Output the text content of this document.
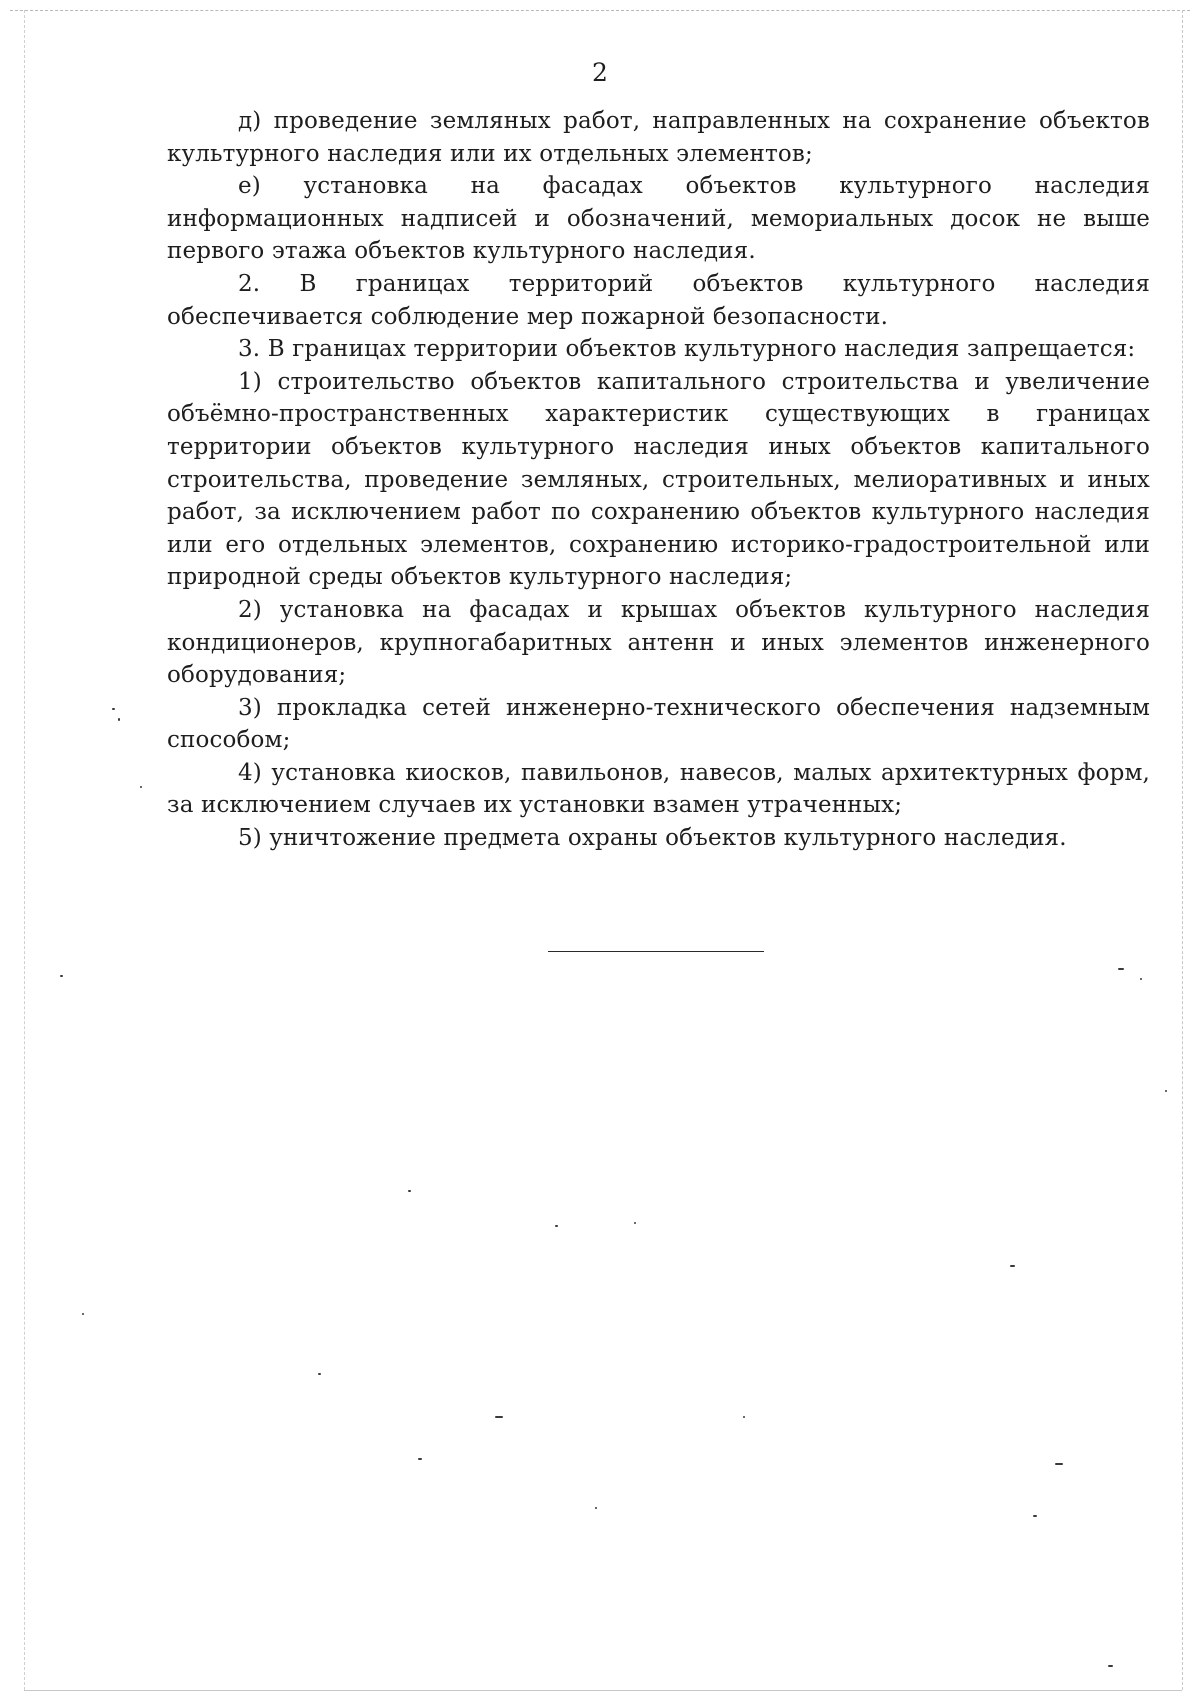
2

д) проведение земляных работ, направленных на сохранение объектов культурного наследия или их отдельных элементов;

е) установка на фасадах объектов культурного наследия информационных надписей и обозначений, мемориальных досок не выше первого этажа объектов культурного наследия.

2. В границах территорий объектов культурного наследия обеспечивается соблюдение мер пожарной безопасности.

3. В границах территории объектов культурного наследия запрещается:

1) строительство объектов капитального строительства и увеличение объёмно-пространственных характеристик существующих в границах территории объектов культурного наследия иных объектов капитального строительства, проведение земляных, строительных, мелиоративных и иных работ, за исключением работ по сохранению объектов культурного наследия или его отдельных элементов, сохранению историко-градостроительной или природной среды объектов культурного наследия;

2) установка на фасадах и крышах объектов культурного наследия кондиционеров, крупногабаритных антенн и иных элементов инженерного оборудования;

3) прокладка сетей инженерно-технического обеспечения надземным способом;

4) установка киосков, павильонов, навесов, малых архитектурных форм, за исключением случаев их установки взамен утраченных;

5) уничтожение предмета охраны объектов культурного наследия.
